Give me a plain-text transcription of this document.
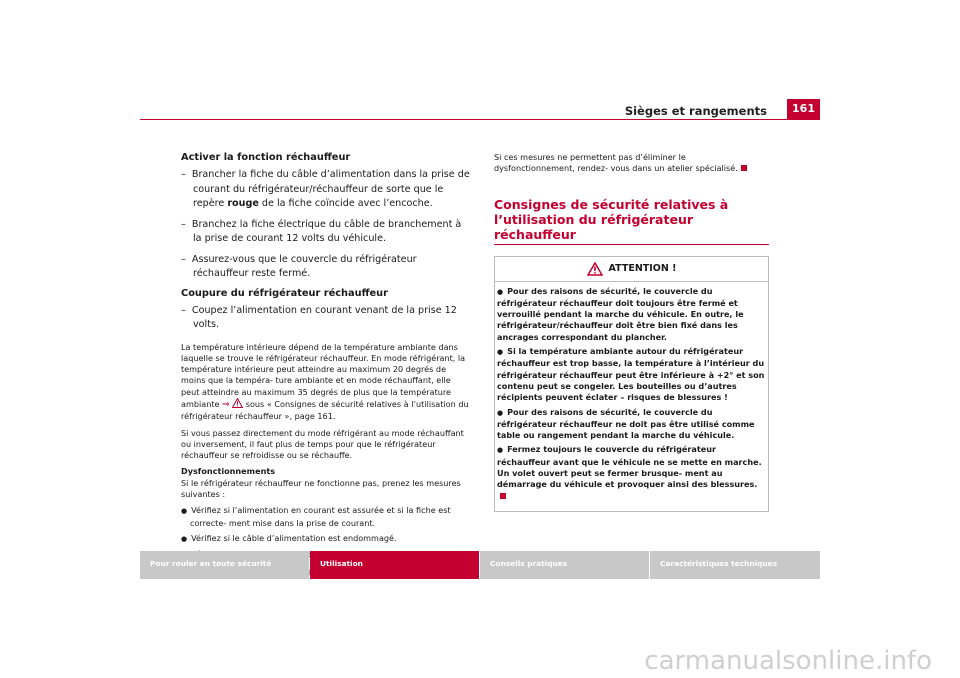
Sièges et rangements	161

Activer la fonction réchauffeur

–  Brancher la fiche du câble d’alimentation dans la prise de courant du réfrigérateur/réchauffeur de sorte que le repère rouge de la fiche coïncide avec l’encoche.

–  Branchez la fiche électrique du câble de branchement à la prise de courant 12 volts du véhicule.

–  Assurez-vous que le couvercle du réfrigérateur réchauffeur reste fermé.

Coupure du réfrigérateur réchauffeur

–  Coupez l’alimentation en courant venant de la prise 12 volts.

La température intérieure dépend de la température ambiante dans laquelle se trouve le réfrigérateur réchauffeur. En mode réfrigérant, la température intérieure peut atteindre au maximum 20 degrés de moins que la tempéra- ture ambiante et en mode réchauffant, elle peut atteindre au maximum 35 degrés de plus que la température ambiante ⇒  sous « Consignes de sécurité relatives à l’utilisation du réfrigérateur réchauffeur », page 161.

Si vous passez directement du mode réfrigérant au mode réchauffant ou inversement, il faut plus de temps pour que le réfrigérateur réchauffeur se refroidisse ou se réchauffe.

Dysfonctionnements

Si le réfrigérateur réchauffeur ne fonctionne pas, prenez les mesures suivantes :

● Vérifiez si l’alimentation en courant est assurée et si la fiche est correcte- ment mise dans la prise de courant.

● Vérifiez si le câble d’alimentation est endommagé.

●

●

Si ces mesures ne permettent pas d’éliminer le dysfonctionnement, rendez- vous dans un atelier spécialisé.

Consignes de sécurité relatives à l’utilisation du réfrigérateur réchauffeur

ATTENTION !

● Pour des raisons de sécurité, le couvercle du réfrigérateur réchauffeur doit toujours être fermé et verrouillé pendant la marche du véhicule. En outre, le réfrigérateur/réchauffeur doit être bien fixé dans les ancrages correspondant du plancher.

● Si la température ambiante autour du réfrigérateur réchauffeur est trop basse, la température à l’intérieur du réfrigérateur réchauffeur peut être inférieure à +2° et son contenu peut se congeler. Les bouteilles ou d’autres récipients peuvent éclater – risques de blessures !

● Pour des raisons de sécurité, le couvercle du réfrigérateur réchauffeur ne doit pas être utilisé comme table ou rangement pendant la marche du véhicule.

● Fermez toujours le couvercle du réfrigérateur réchauffeur avant que le véhicule ne se mette en marche. Un volet ouvert peut se fermer brusque- ment au démarrage du véhicule et provoquer ainsi des blessures.

Pour rouler en toute sécurité	Utilisation	Conseils pratiques	Caractéristiques techniques
carmanualsonline.info
